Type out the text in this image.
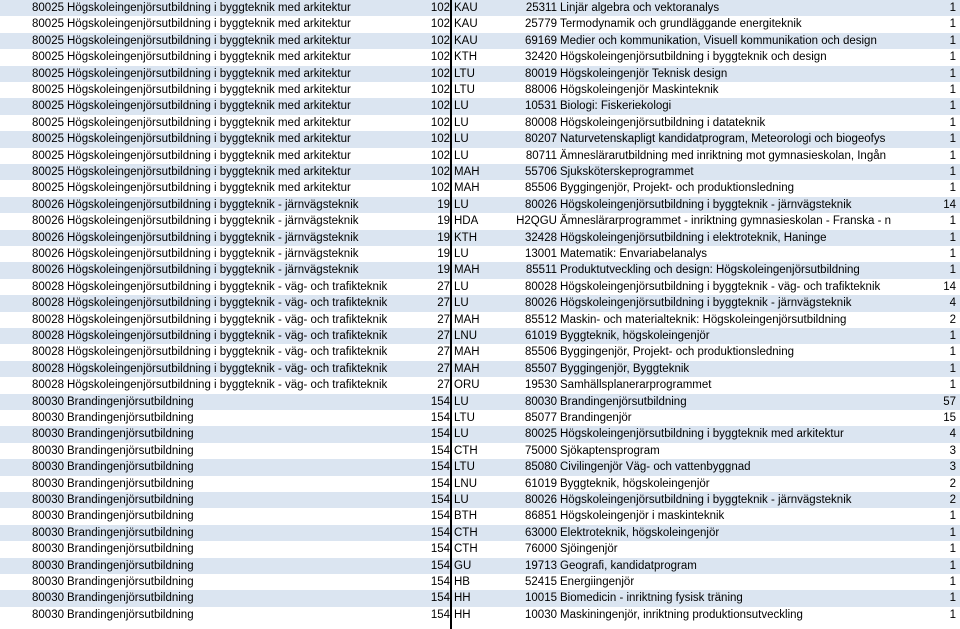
80025 Högskoleingenjörsutbildning i byggteknik med arkitektur	102 KAU	25311 Linjär algebra och vektoranalys	1
80025 Högskoleingenjörsutbildning i byggteknik med arkitektur	102 KAU	25779 Termodynamik och grundläggande energiteknik	1
80025 Högskoleingenjörsutbildning i byggteknik med arkitektur	102 KAU	69169 Medier och kommunikation, Visuell kommunikation och design	1
80025 Högskoleingenjörsutbildning i byggteknik med arkitektur	102 KTH	32420 Högskoleingenjörsutbildning i byggteknik och design	1
80025 Högskoleingenjörsutbildning i byggteknik med arkitektur	102 LTU	80019 Högskoleingenjör Teknisk design	1
80025 Högskoleingenjörsutbildning i byggteknik med arkitektur	102 LTU	88006 Högskoleingenjör Maskinteknik	1
80025 Högskoleingenjörsutbildning i byggteknik med arkitektur	102 LU	10531 Biologi: Fiskeriekologi	1
80025 Högskoleingenjörsutbildning i byggteknik med arkitektur	102 LU	80008 Högskoleingenjörsutbildning i datateknik	1
80025 Högskoleingenjörsutbildning i byggteknik med arkitektur	102 LU	80207 Naturvetenskapligt kandidatprogram, Meteorologi och biogeofys	1
80025 Högskoleingenjörsutbildning i byggteknik med arkitektur	102 LU	80711 Ämneslärarutbildning med inriktning mot gymnasieskolan, Ingån	1
80025 Högskoleingenjörsutbildning i byggteknik med arkitektur	102 MAH	55706 Sjuksköterskeprogrammet	1
80025 Högskoleingenjörsutbildning i byggteknik med arkitektur	102 MAH	85506 Byggingenjör, Projekt- och produktionsledning	1
80026 Högskoleingenjörsutbildning i byggteknik - järnvägsteknik	19 LU	80026 Högskoleingenjörsutbildning i byggteknik - järnvägsteknik	14
80026 Högskoleingenjörsutbildning i byggteknik - järnvägsteknik	19 HDA	H2QGU Ämneslärarprogrammet - inriktning gymnasieskolan - Franska - n	1
80026 Högskoleingenjörsutbildning i byggteknik - järnvägsteknik	19 KTH	32428 Högskoleingenjörsutbildning i elektroteknik, Haninge	1
80026 Högskoleingenjörsutbildning i byggteknik - järnvägsteknik	19 LU	13001 Matematik: Envariabelanalys	1
80026 Högskoleingenjörsutbildning i byggteknik - järnvägsteknik	19 MAH	85511 Produktutveckling och design: Högskoleingenjörsutbildning	1
80028 Högskoleingenjörsutbildning i byggteknik - väg- och trafikteknik	27 LU	80028 Högskoleingenjörsutbildning i byggteknik - väg- och trafikteknik	14
80028 Högskoleingenjörsutbildning i byggteknik - väg- och trafikteknik	27 LU	80026 Högskoleingenjörsutbildning i byggteknik - järnvägsteknik	4
80028 Högskoleingenjörsutbildning i byggteknik - väg- och trafikteknik	27 MAH	85512 Maskin- och materialteknik: Högskoleingenjörsutbildning	2
80028 Högskoleingenjörsutbildning i byggteknik - väg- och trafikteknik	27 LNU	61019 Byggteknik, högskoleingenjör	1
80028 Högskoleingenjörsutbildning i byggteknik - väg- och trafikteknik	27 MAH	85506 Byggingenjör, Projekt- och produktionsledning	1
80028 Högskoleingenjörsutbildning i byggteknik - väg- och trafikteknik	27 MAH	85507 Byggingenjör, Byggteknik	1
80028 Högskoleingenjörsutbildning i byggteknik - väg- och trafikteknik	27 ORU	19530 Samhällsplanerarprogrammet	1
80030 Brandingenjörsutbildning	154 LU	80030 Brandingenjörsutbildning	57
80030 Brandingenjörsutbildning	154 LTU	85077 Brandingenjör	15
80030 Brandingenjörsutbildning	154 LU	80025 Högskoleingenjörsutbildning i byggteknik med arkitektur	4
80030 Brandingenjörsutbildning	154 CTH	75000 Sjökaptensprogram	3
80030 Brandingenjörsutbildning	154 LTU	85080 Civilingenjör Väg- och vattenbyggnad	3
80030 Brandingenjörsutbildning	154 LNU	61019 Byggteknik, högskoleingenjör	2
80030 Brandingenjörsutbildning	154 LU	80026 Högskoleingenjörsutbildning i byggteknik - järnvägsteknik	2
80030 Brandingenjörsutbildning	154 BTH	86851 Högskoleingenjör i maskinteknik	1
80030 Brandingenjörsutbildning	154 CTH	63000 Elektroteknik, högskoleingenjör	1
80030 Brandingenjörsutbildning	154 CTH	76000 Sjöingenjör	1
80030 Brandingenjörsutbildning	154 GU	19713 Geografi, kandidatprogram	1
80030 Brandingenjörsutbildning	154 HB	52415 Energiingenjör	1
80030 Brandingenjörsutbildning	154 HH	10015 Biomedicin - inriktning fysisk träning	1
80030 Brandingenjörsutbildning	154 HH	10030 Maskiningenjör, inriktning produktionsutveckling	1
